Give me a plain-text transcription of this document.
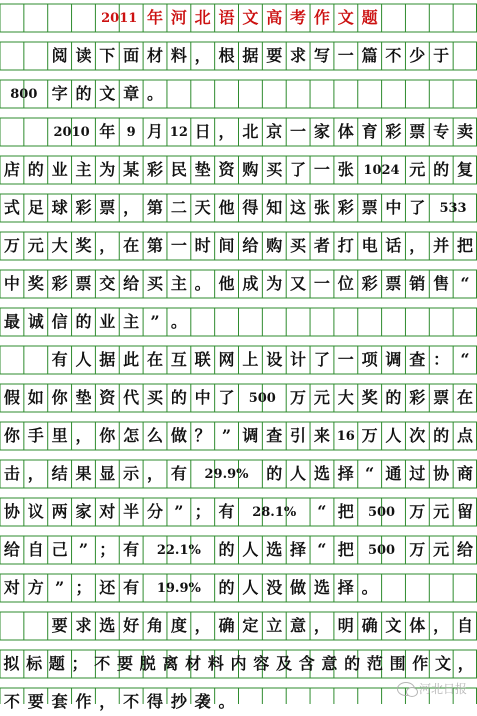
2011 年 河 北 语 文 高 考 作 文 题
阅 读 下 面 材 料 ， 根 据 要 求 写 一 篇 不 少 于
800 字 的 文 章 。
2010 年 9 月 12 日 ， 北 京 一 家 体 育 彩 票 专 卖
店 的 业 主 为 某 彩 民 垫 资 购 买 了 一 张 1024 元 的 复
式 足 球 彩 票 ， 第 二 天 他 得 知 这 张 彩 票 中 了	533
万 元 大 奖 ， 在 第 一 时 间 给 购 买 者 打 电 话 ， 并 把
中 奖 彩 票 交 给 买 主 。 他 成 为 又 一 位 彩 票 销 售 “
最 诚 信 的 业 主 ” 。
有 人 据 此 在 互 联 网 上 设 计 了 一 项 调 查 ： “
假 如 你 垫 资 代 买 的 中 了	500 万 元 大 奖 的 彩 票 在
你 手 里 ， 你 怎 么 做 ？ ” 调 查 引 来 16 万 人 次 的 点
击 ， 结 果 显 示 ， 有	29.9%	的 人 选 择 “ 通 过 协 商
协 议 两 家 对 半 分 ” ； 有	28.1%	“ 把	500 万 元 留
给 自 己 ” ； 有	22.1%	的 人 选 择 “ 把	500 万 元 给
对 方 ” ； 还 有	19.9%	的 人 没 做 选 择 。
要 求 选 好 角 度 ， 确 定 立 意 ， 明 确 文 体 ， 自
拟 标 题 ； 不 要 脱 离 材 料 内 容 及 含 意 的 范 围 作 文 ，
不 要 套 作 ， 不 得 抄 袭 。
河北日报
